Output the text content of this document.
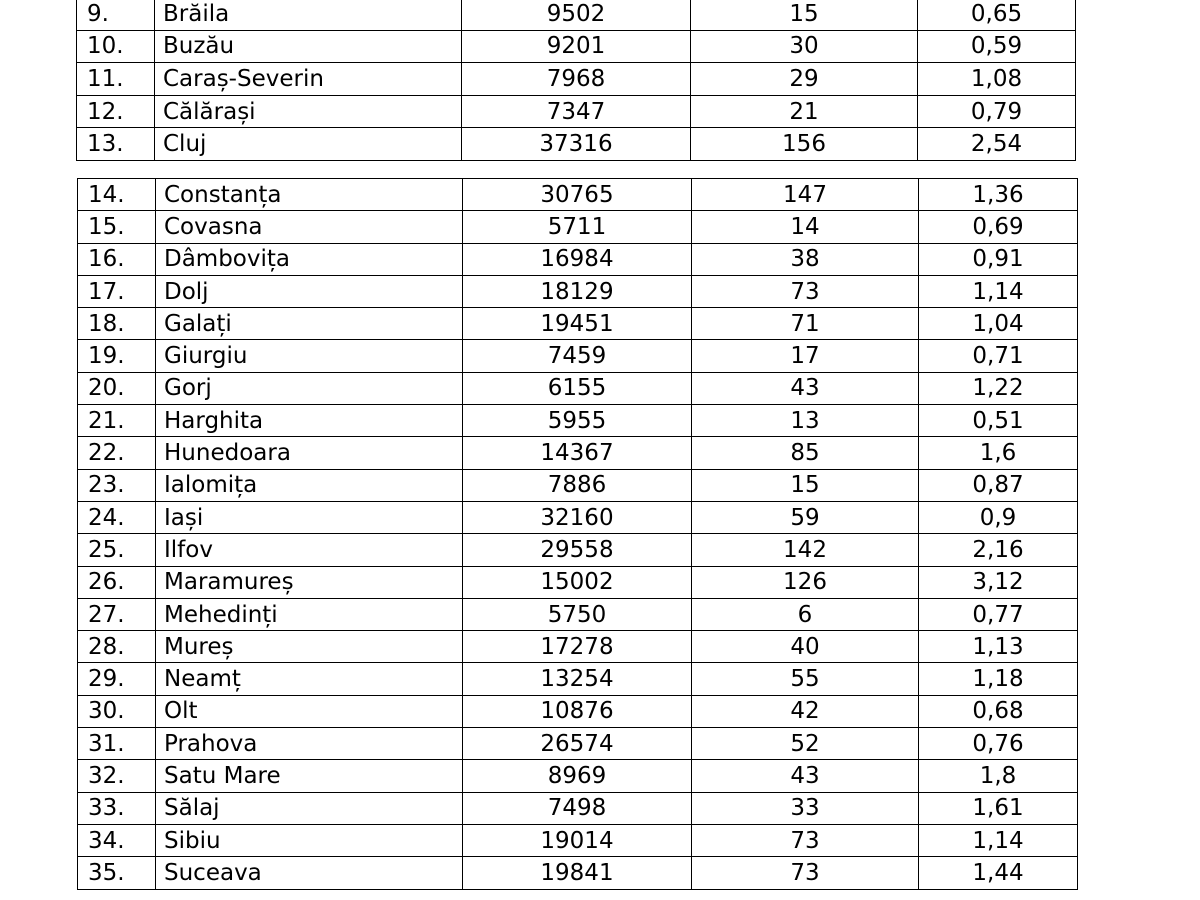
9.	Brăila	9502	15	0,65
10.	Buzău	9201	30	0,59
11.	Caraș-Severin	7968	29	1,08
12.	Călărași	7347	21	0,79
13.	Cluj	37316	156	2,54
14.	Constanța	30765	147	1,36
15.	Covasna	5711	14	0,69
16.	Dâmbovița	16984	38	0,91
17.	Dolj	18129	73	1,14
18.	Galați	19451	71	1,04
19.	Giurgiu	7459	17	0,71
20.	Gorj	6155	43	1,22
21.	Harghita	5955	13	0,51
22.	Hunedoara	14367	85	1,6
23.	Ialomița	7886	15	0,87
24.	Iași	32160	59	0,9
25.	Ilfov	29558	142	2,16
26.	Maramureș	15002	126	3,12
27.	Mehedinți	5750	6	0,77
28.	Mureș	17278	40	1,13
29.	Neamț	13254	55	1,18
30.	Olt	10876	42	0,68
31.	Prahova	26574	52	0,76
32.	Satu Mare	8969	43	1,8
33.	Sălaj	7498	33	1,61
34.	Sibiu	19014	73	1,14
35.	Suceava	19841	73	1,44
